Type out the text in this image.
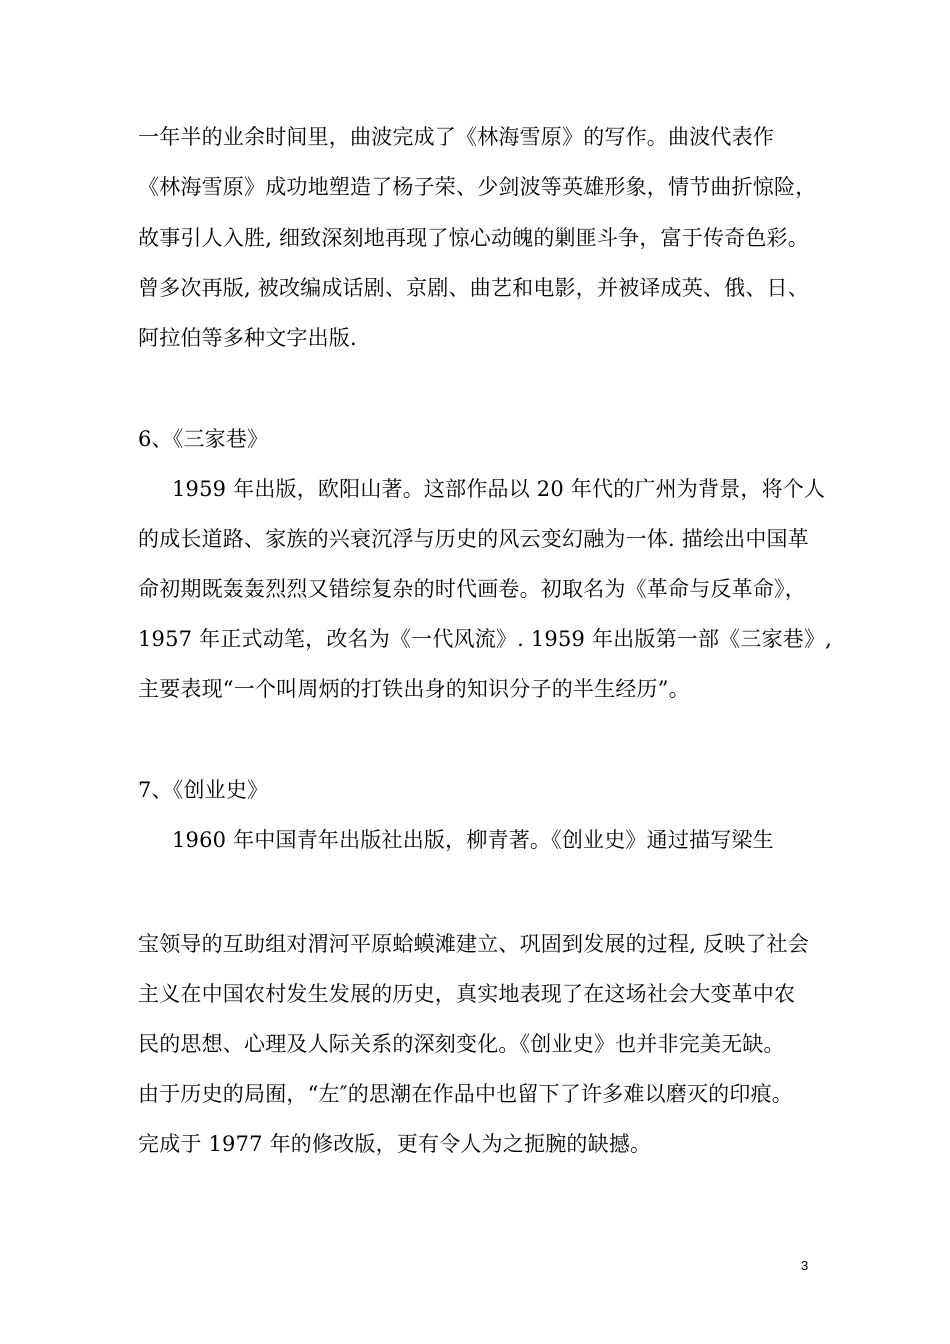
一年半的业余时间里，曲波完成了《林海雪原》的写作。曲波代表作
《林海雪原》成功地塑造了杨子荣、少剑波等英雄形象，情节曲折惊险，
故事引人入胜, 细致深刻地再现了惊心动魄的剿匪斗争，富于传奇色彩。
曾多次再版, 被改编成话剧、京剧、曲艺和电影，并被译成英、俄、日、
阿拉伯等多种文字出版.
6、《三家巷》
1959 年出版，欧阳山著。这部作品以 20 年代的广州为背景，将个人
的成长道路、家族的兴衰沉浮与历史的风云变幻融为一体. 描绘出中国革
命初期既轰轰烈烈又错综复杂的时代画卷。初取名为《革命与反革命》，
1957 年正式动笔，改名为《一代风流》. 1959 年出版第一部《三家巷》,
主要表现“一个叫周炳的打铁出身的知识分子的半生经历”。
7、《创业史》
1960 年中国青年出版社出版，柳青著。《创业史》通过描写梁生
宝领导的互助组对渭河平原蛤蟆滩建立、巩固到发展的过程, 反映了社会
主义在中国农村发生发展的历史，真实地表现了在这场社会大变革中农
民的思想、心理及人际关系的深刻变化。《创业史》也并非完美无缺。
由于历史的局囿，“左″的思潮在作品中也留下了许多难以磨灭的印痕。
完成于 1977 年的修改版，更有令人为之扼腕的缺撼。
3
